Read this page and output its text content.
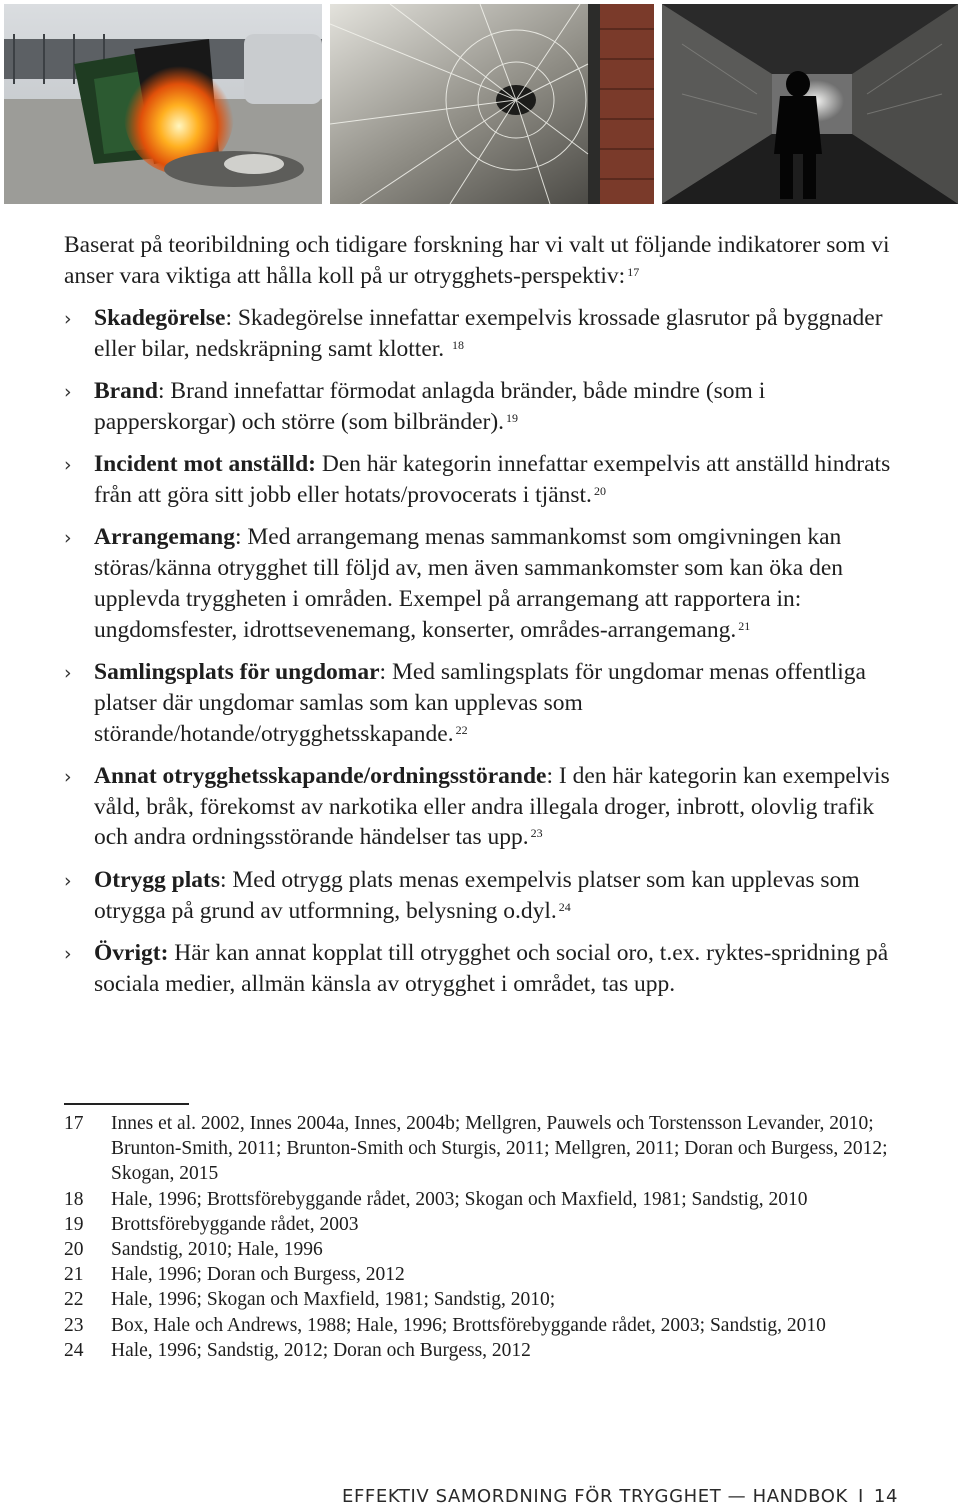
Baserat på teoribildning och tidigare forskning har vi valt ut följande indikatorer som vi anser vara viktiga att hålla koll på ur otrygghets-perspektiv: $^{17}$

› Skadegörelse: Skadegörelse innefattar exempelvis krossade glasrutor på byggnader eller bilar, nedskräpning samt klotter. $^{18}$
› Brand: Brand innefattar förmodat anlagda bränder, både mindre (som i papperskorgar) och större (som bilbränder). $^{19}$
› Incident mot anställd: Den här kategorin innefattar exempelvis att anställd hindrats från att göra sitt jobb eller hotats/provocerats i tjänst. $^{20}$
› Arrangemang: Med arrangemang menas sammankomst som omgivningen kan störas/känna otrygghet till följd av, men även sammankomster som kan öka den upplevda tryggheten i områden. Exempel på arrangemang att rapportera in: ungdomsfester, idrottsevenemang, konserter, områdes-arrangemang. $^{21}$
› Samlingsplats för ungdomar: Med samlingsplats för ungdomar menas offentliga platser där ungdomar samlas som kan upplevas som störande/hotande/otrygghetsskapande. $^{22}$
› Annat otrygghetsskapande/ordningsstörande: I den här kategorin kan exempelvis våld, bråk, förekomst av narkotika eller andra illegala droger, inbrott, olovlig trafik och andra ordningsstörande händelser tas upp. $^{23}$
› Otrygg plats: Med otrygg plats menas exempelvis platser som kan upplevas som otrygga på grund av utformning, belysning o.dyl. $^{24}$
› Övrigt: Här kan annat kopplat till otrygghet och social oro, t.ex. ryktes-spridning på sociala medier, allmän känsla av otrygghet i området, tas upp.
17	Innes et al. 2002, Innes 2004a, Innes, 2004b; Mellgren, Pauwels och Torstensson Levander, 2010; Brunton-Smith, 2011; Brunton-Smith och Sturgis, 2011; Mellgren, 2011; Doran och Burgess, 2012; Skogan, 2015
18	Hale, 1996; Brottsförebyggande rådet, 2003; Skogan och Maxfield, 1981; Sandstig, 2010
19	Brottsförebyggande rådet, 2003
20	Sandstig, 2010; Hale, 1996
21	Hale, 1996; Doran och Burgess, 2012
22	Hale, 1996; Skogan och Maxfield, 1981; Sandstig, 2010;
23	Box, Hale och Andrews, 1988; Hale, 1996; Brottsförebyggande rådet, 2003; Sandstig, 2010
24	Hale, 1996; Sandstig, 2012; Doran och Burgess, 2012
EFFEKTIV SAMORDNING FÖR TRYGGHET — HANDBOK I 14
